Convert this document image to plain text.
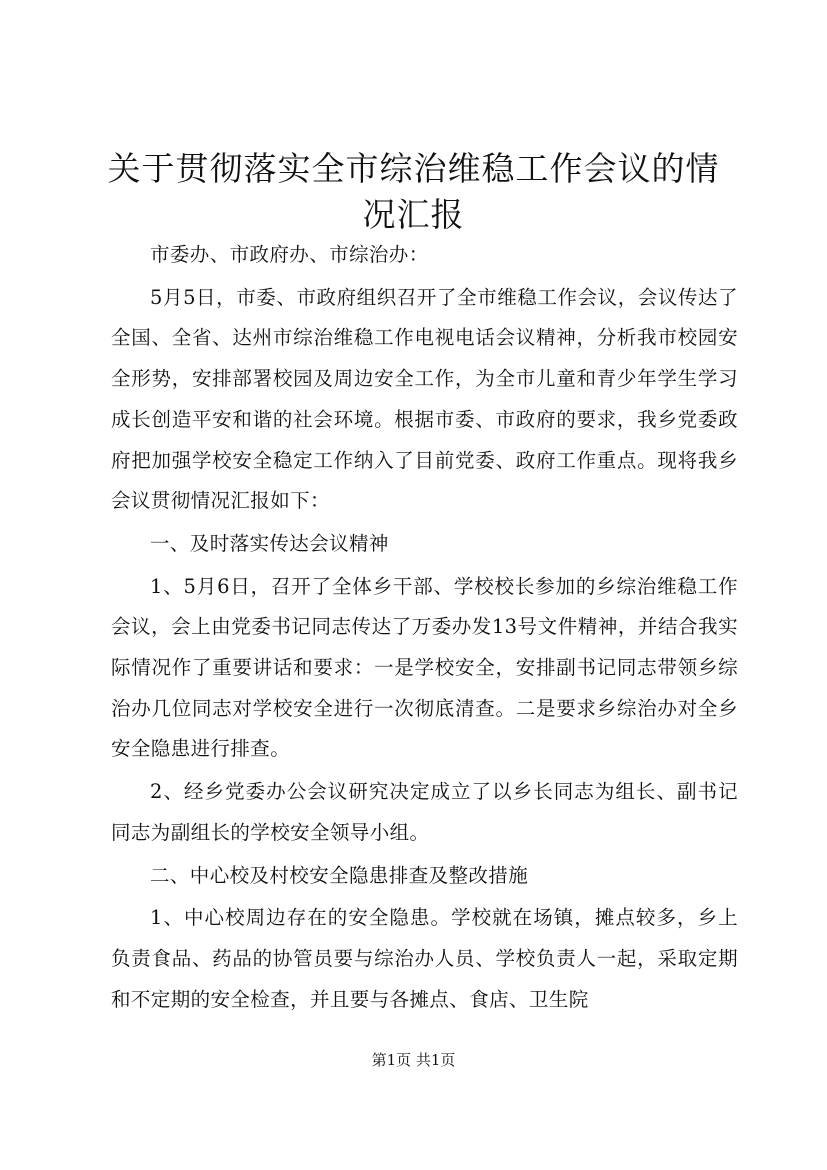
关于贯彻落实全市综治维稳工作会议的情况汇报

市委办、市政府办、市综治办：

5月5日，市委、市政府组织召开了全市维稳工作会议，会议传达了全国、全省、达州市综治维稳工作电视电话会议精神，分析我市校园安全形势，安排部署校园及周边安全工作，为全市儿童和青少年学生学习成长创造平安和谐的社会环境。根据市委、市政府的要求，我乡党委政府把加强学校安全稳定工作纳入了目前党委、政府工作重点。现将我乡会议贯彻情况汇报如下：

一、及时落实传达会议精神

1、5月6日，召开了全体乡干部、学校校长参加的乡综治维稳工作会议，会上由党委书记同志传达了万委办发13号文件精神，并结合我实际情况作了重要讲话和要求：一是学校安全，安排副书记同志带领乡综治办几位同志对学校安全进行一次彻底清查。二是要求乡综治办对全乡安全隐患进行排查。

2、经乡党委办公会议研究决定成立了以乡长同志为组长、副书记同志为副组长的学校安全领导小组。

二、中心校及村校安全隐患排查及整改措施

1、中心校周边存在的安全隐患。学校就在场镇，摊点较多，乡上负责食品、药品的协管员要与综治办人员、学校负责人一起，采取定期和不定期的安全检查，并且要与各摊点、食店、卫生院

第1页 共1页
